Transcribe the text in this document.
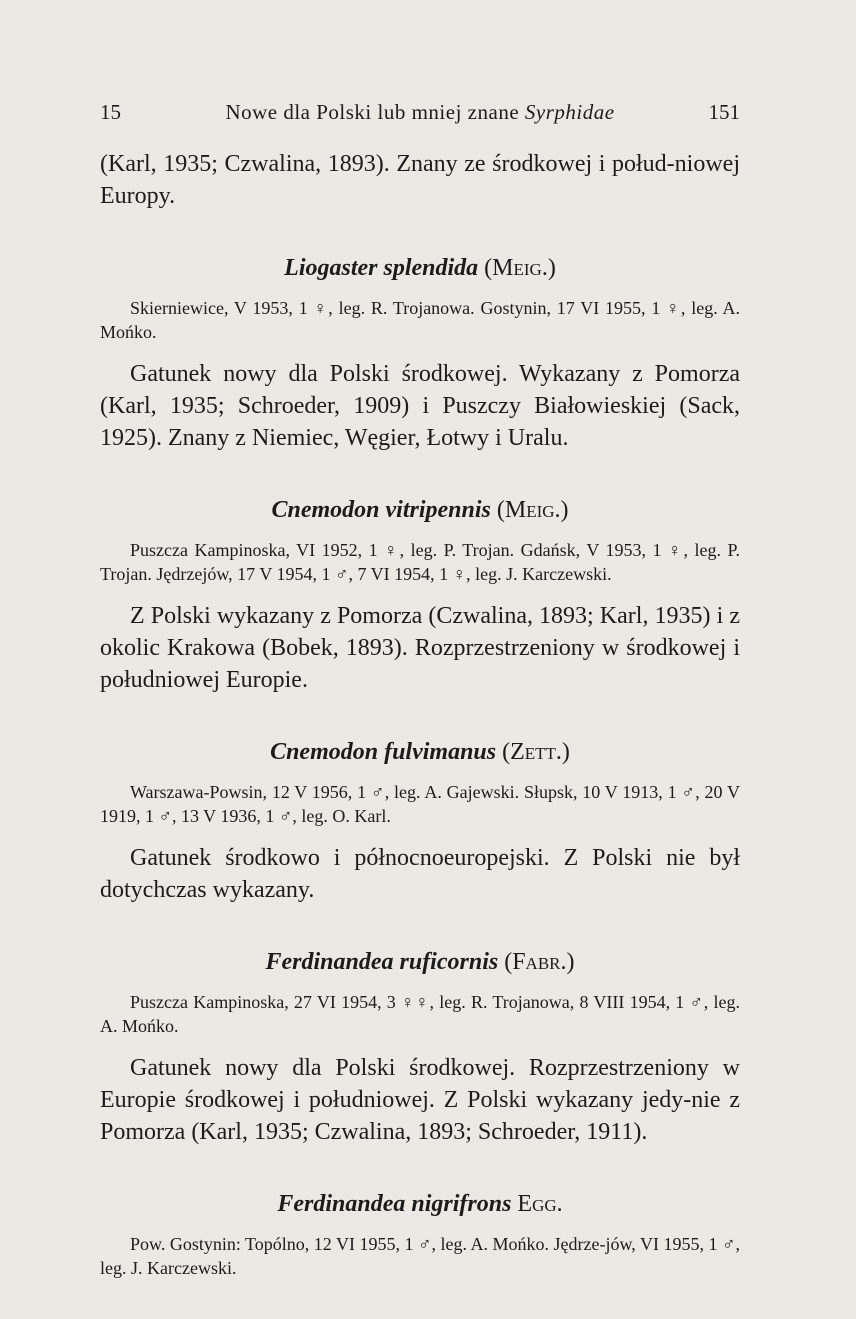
15	Nowe dla Polski lub mniej znane Syrphidae	151

(Karl, 1935; Czwalina, 1893). Znany ze środkowej i połud-niowej Europy.

Liogaster splendida (Meig.)

Skierniewice, V 1953, 1 ♀, leg. R. Trojanowa. Gostynin, 17 VI 1955, 1 ♀, leg. A. Mońko.

Gatunek nowy dla Polski środkowej. Wykazany z Pomorza (Karl, 1935; Schroeder, 1909) i Puszczy Białowieskiej (Sack, 1925). Znany z Niemiec, Węgier, Łotwy i Uralu.

Cnemodon vitripennis (Meig.)

Puszcza Kampinoska, VI 1952, 1 ♀, leg. P. Trojan. Gdańsk, V 1953, 1 ♀, leg. P. Trojan. Jędrzejów, 17 V 1954, 1 ♂, 7 VI 1954, 1 ♀, leg. J. Karczewski.

Z Polski wykazany z Pomorza (Czwalina, 1893; Karl, 1935) i z okolic Krakowa (Bobek, 1893). Rozprzestrzeniony w środkowej i południowej Europie.

Cnemodon fulvimanus (Zett.)

Warszawa-Powsin, 12 V 1956, 1 ♂, leg. A. Gajewski. Słupsk, 10 V 1913, 1 ♂, 20 V 1919, 1 ♂, 13 V 1936, 1 ♂, leg. O. Karl.

Gatunek środkowo i północnoeuropejski. Z Polski nie był dotychczas wykazany.

Ferdinandea ruficornis (Fabr.)

Puszcza Kampinoska, 27 VI 1954, 3 ♀♀, leg. R. Trojanowa, 8 VIII 1954, 1 ♂, leg. A. Mońko.

Gatunek nowy dla Polski środkowej. Rozprzestrzeniony w Europie środkowej i południowej. Z Polski wykazany jedy-nie z Pomorza (Karl, 1935; Czwalina, 1893; Schroeder, 1911).

Ferdinandea nigrifrons Egg.

Pow. Gostynin: Topólno, 12 VI 1955, 1 ♂, leg. A. Mońko. Jędrze-jów, VI 1955, 1 ♂, leg. J. Karczewski.
